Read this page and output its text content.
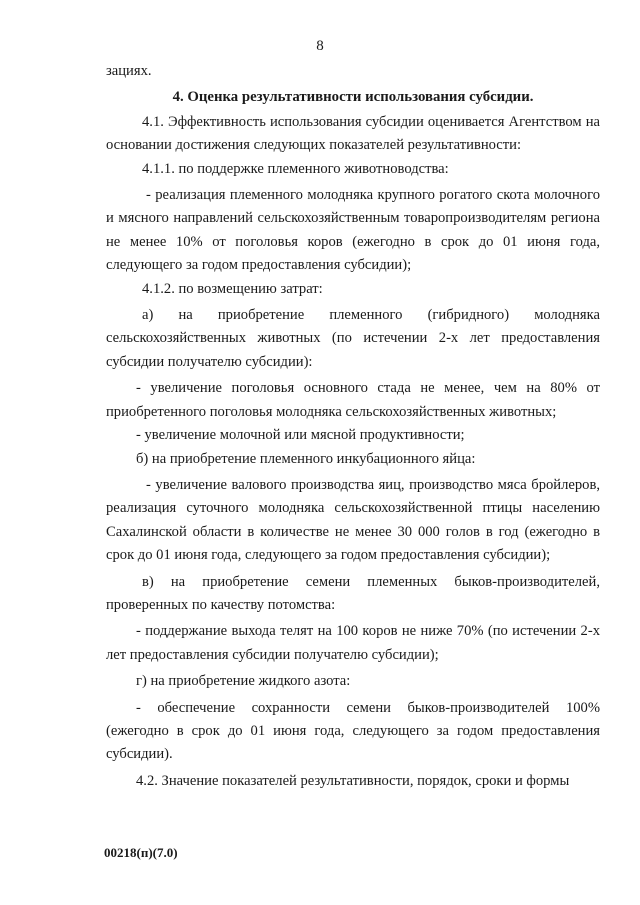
8

зациях.

4. Оценка результативности использования субсидии.

4.1. Эффективность использования субсидии оценивается Агентством на основании достижения следующих показателей результативности:

4.1.1. по поддержке племенного животноводства:

- реализация племенного молодняка крупного рогатого скота молочного и мясного направлений сельскохозяйственным товаропроизводителям региона не менее 10% от поголовья коров (ежегодно в срок до 01 июня года, следующего за годом предоставления субсидии);

4.1.2. по возмещению затрат:

а) на приобретение племенного (гибридного) молодняка сельскохозяйственных животных (по истечении 2-х лет предоставления субсидии получателю субсидии):

- увеличение поголовья основного стада не менее, чем на 80% от приобретенного поголовья молодняка сельскохозяйственных животных;

- увеличение молочной или мясной продуктивности;

б) на приобретение племенного инкубационного яйца:

- увеличение валового производства яиц, производство мяса бройлеров, реализация суточного молодняка сельскохозяйственной птицы населению Сахалинской области в количестве не менее 30 000 голов в год (ежегодно в срок до 01 июня года, следующего за годом предоставления субсидии);

в) на приобретение семени племенных быков-производителей, проверенных по качеству потомства:

- поддержание выхода телят на 100 коров не ниже 70% (по истечении 2-х лет предоставления субсидии получателю субсидии);

г) на приобретение жидкого азота:

- обеспечение сохранности семени быков-производителей 100% (ежегодно в срок до 01 июня года, следующего за годом предоставления субсидии).

4.2. Значение показателей результативности, порядок, сроки и формы

00218(п)(7.0)
